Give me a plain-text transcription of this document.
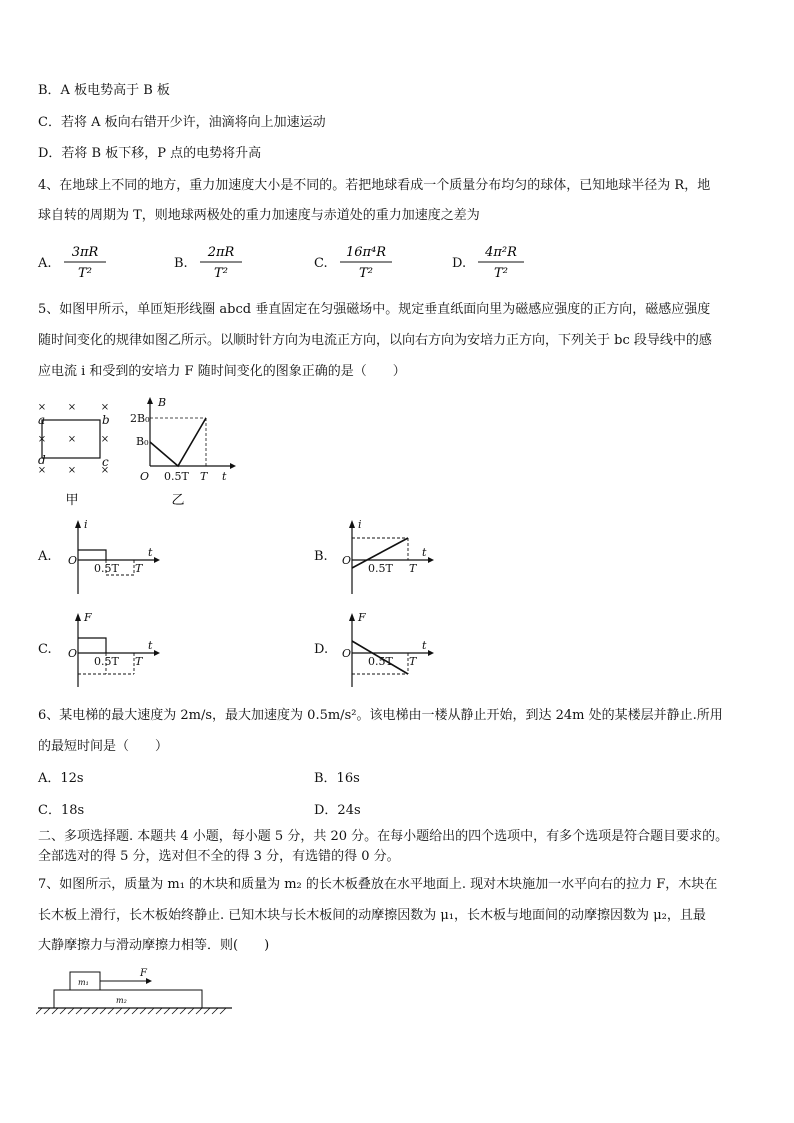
B．A 板电势高于 B 板
C．若将 A 板向右错开少许，油滴将向上加速运动
D．若将 B 板下移，P 点的电势将升高
4、在地球上不同的地方，重力加速度大小是不同的。若把地球看成一个质量分布均匀的球体，已知地球半径为 R，地
球自转的周期为 T，则地球两极处的重力加速度与赤道处的重力加速度之差为
A.
3πR
T²
B.
2πR
T²
C.
16π⁴R
T²
D.
4π²R
T²
5、如图甲所示，单匝矩形线圈 abcd 垂直固定在匀强磁场中。规定垂直纸面向里为磁感应强度的正方向，磁感应强度
随时间变化的规律如图乙所示。以顺时针方向为电流正方向，以向右方向为安培力正方向，下列关于 bc 段导线中的感
应电流 i 和受到的安培力 F 随时间变化的图象正确的是（　　）
× × ×
× × ×
× × ×
a	b
c
d
甲
B
2B₀
B₀
O 0.5T T t
乙
A.
i
O
t
0.5T T
B.
i
O
t
0.5T T
C.
F
O
t
0.5T T
D.
F
O
t
0.5T T
6、某电梯的最大速度为 2m/s，最大加速度为 0.5m/s²。该电梯由一楼从静止开始，到达 24m 处的某楼层并静止.所用
的最短时间是（　　）
A．12s	B．16s
C．18s	D．24s
二、多项选择题. 本题共 4 小题，每小题 5 分，共 20 分。在每小题给出的四个选项中，有多个选项是符合题目要求的。
全部选对的得 5 分，选对但不全的得 3 分，有选错的得 0 分。
7、如图所示，质量为 m₁ 的木块和质量为 m₂ 的长木板叠放在水平地面上. 现对木块施加一水平向右的拉力 F，木块在
长木板上滑行，长木板始终静止. 已知木块与长木板间的动摩擦因数为 μ₁，长木板与地面间的动摩擦因数为 μ₂，且最
大静摩擦力与滑动摩擦力相等．则(　　)
m₁
m₂
F
